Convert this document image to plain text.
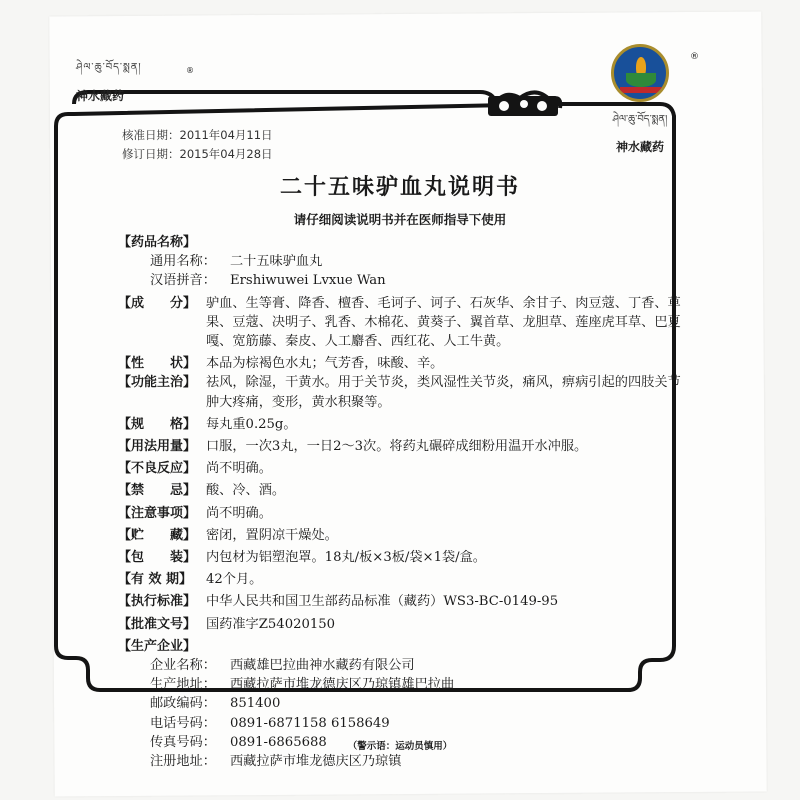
ཤེལ་ཆུ་བོད་སྨན།
神水藏药
®
ཤེལ་ཆུ་བོད་སྨན།
神水藏药
®
核准日期：2011年04月11日
修订日期：2015年04月28日
二十五味驴血丸说明书
请仔细阅读说明书并在医师指导下使用
【药品名称】
通用名称：	二十五味驴血丸
汉语拼音：	Ershiwuwei Lvxue Wan
【成　　分】 驴血、生等膏、降香、檀香、毛诃子、诃子、石灰华、余甘子、肉豆蔻、丁香、草果、豆蔻、决明子、乳香、木棉花、黄葵子、翼首草、龙胆草、莲座虎耳草、巴夏嘎、宽筋藤、秦皮、人工麝香、西红花、人工牛黄。
【性　　状】 本品为棕褐色水丸；气芳香，味酸、辛。
【功能主治】 祛风，除湿，干黄水。用于关节炎，类风湿性关节炎，痛风，痹病引起的四肢关节肿大疼痛，变形，黄水积聚等。
【规　　格】 每丸重0.25g。
【用法用量】 口服，一次3丸，一日2～3次。将药丸碾碎成细粉用温开水冲服。
【不良反应】 尚不明确。
【禁　　忌】 酸、冷、酒。
【注意事项】 尚不明确。
【贮　　藏】 密闭，置阴凉干燥处。
【包　　装】 内包材为铝塑泡罩。18丸/板×3板/袋×1袋/盒。
【有 效 期】	42个月。
【执行标准】 中华人民共和国卫生部药品标准（藏药）WS3-BC-0149-95
【批准文号】 国药准字Z54020150
【生产企业】
企业名称：	西藏雄巴拉曲神水藏药有限公司
生产地址：	西藏拉萨市堆龙德庆区乃琼镇雄巴拉曲
邮政编码：	851400
电话号码：	0891-6871158 6158649
传真号码：	0891-6865688
注册地址：	西藏拉萨市堆龙德庆区乃琼镇
（警示语：运动员慎用）
